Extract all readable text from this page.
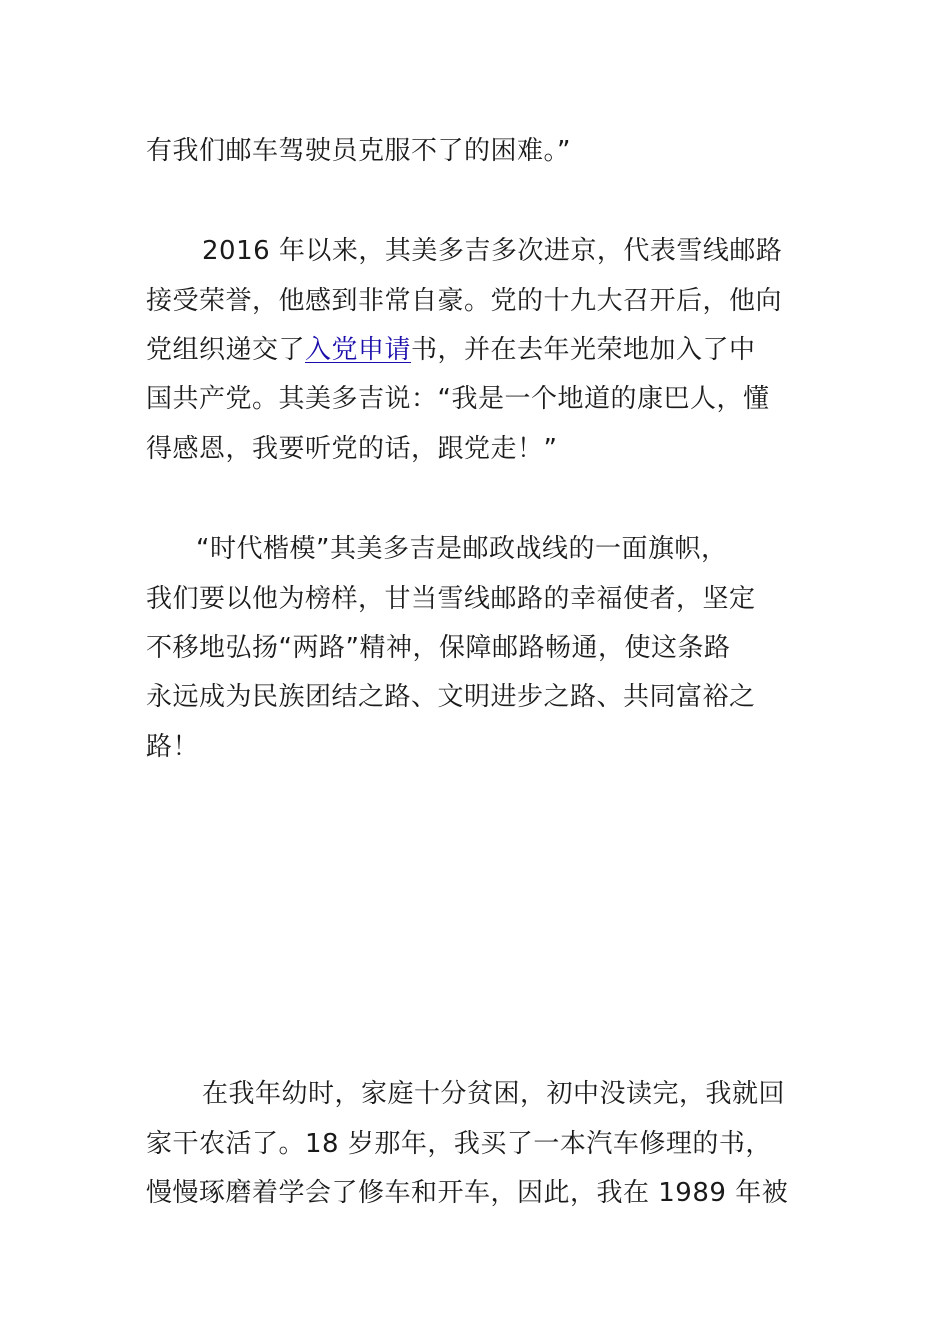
有我们邮车驾驶员克服不了的困难。”
2016 年以来，其美多吉多次进京，代表雪线邮路
接受荣誉，他感到非常自豪。党的十九大召开后，他向
党组织递交了入党申请书，并在去年光荣地加入了中
国共产党。其美多吉说：“我是一个地道的康巴人，懂
得感恩，我要听党的话，跟党走！”
“时代楷模”其美多吉是邮政战线的一面旗帜，
我们要以他为榜样，甘当雪线邮路的幸福使者，坚定
不移地弘扬“两路”精神，保障邮路畅通，使这条路
永远成为民族团结之路、文明进步之路、共同富裕之
路！
在我年幼时，家庭十分贫困，初中没读完，我就回
家干农活了。18 岁那年，我买了一本汽车修理的书，
慢慢琢磨着学会了修车和开车，因此，我在 1989 年被
